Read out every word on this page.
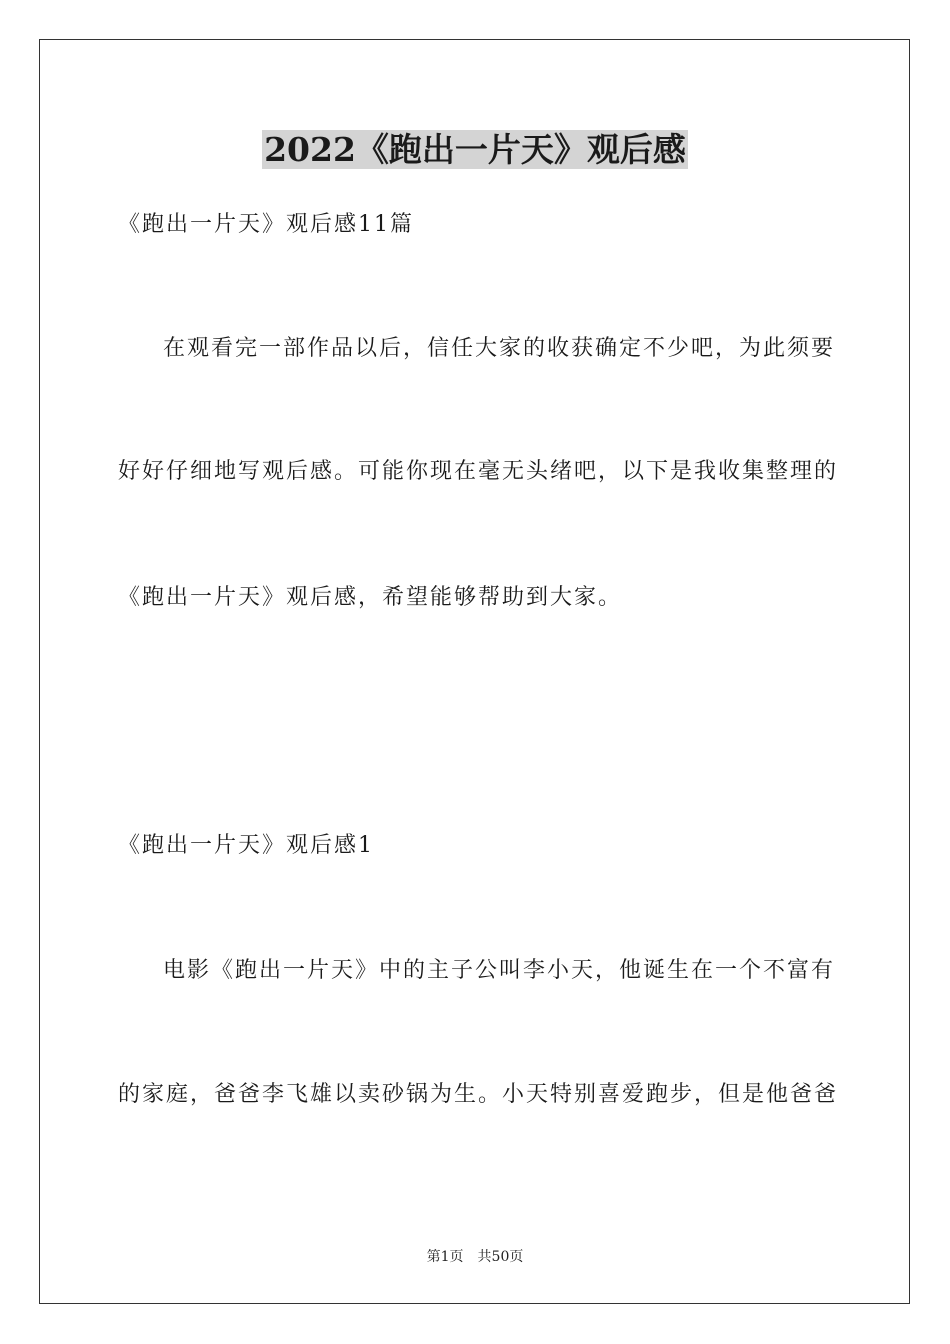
2022《跑出一片天》观后感
《跑出一片天》观后感11篇
在观看完一部作品以后，信任大家的收获确定不少吧，为此须要
好好仔细地写观后感。可能你现在毫无头绪吧，以下是我收集整理的
《跑出一片天》观后感，希望能够帮助到大家。
《跑出一片天》观后感1
电影《跑出一片天》中的主子公叫李小天，他诞生在一个不富有
的家庭，爸爸李飞雄以卖砂锅为生。小天特别喜爱跑步，但是他爸爸
第1页 共50页
